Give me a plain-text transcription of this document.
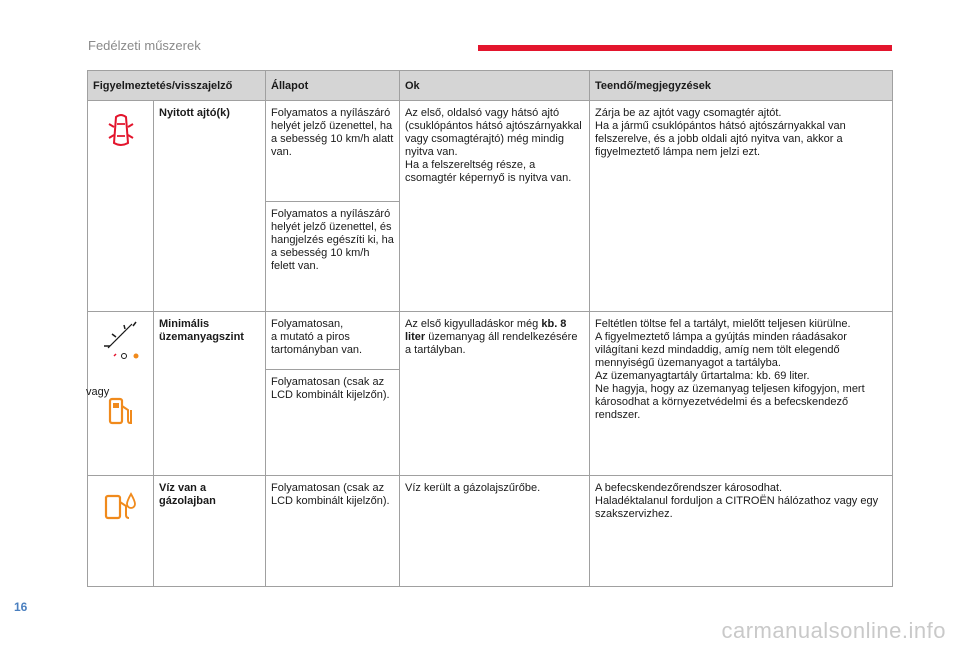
Fedélzeti műszerek
Figyelmeztetés/visszajelző		Állapot	Ok	Teendő/megjegyzések

	Nyitott ajtó(k)	Folyamatos a nyílászáró helyét jelző üzenettel, ha a sebesség 10 km/h alatt van.	Az első, oldalsó vagy hátsó ajtó (csuklópántos hátsó ajtószárnyakkal vagy csomagtérajtó) még mindig nyitva van.
Ha a felszereltség része, a csomagtér képernyő is nyitva van.	Zárja be az ajtót vagy csomagtér ajtót.
Ha a jármű csuklópántos hátsó ajtószárnyakkal van felszerelve, és a jobb oldali ajtó nyitva van, akkor a figyelmeztető lámpa nem jelzi ezt.
		Folyamatos a nyílászáró helyét jelző üzenettel, és hangjelzés egészíti ki, ha a sebesség 10 km/h felett van.		

vagy	Minimális üzemanyagszint	Folyamatosan,
a mutató a piros tartományban van.	Az első kigyulladáskor még kb. 8 liter üzemanyag áll rendelkezésére a tartályban.	Feltétlen töltse fel a tartályt, mielőtt teljesen kiürülne.
A figyelmeztető lámpa a gyújtás minden ráadásakor világítani kezd mindaddig, amíg nem tölt elegendő mennyiségű üzemanyagot a tartályba.
Az üzemanyagtartály űrtartalma: kb. 69 liter.
Ne hagyja, hogy az üzemanyag teljesen kifogyjon, mert károsodhat a környezetvédelmi és a befecskendező rendszer.
		Folyamatosan (csak az LCD kombinált kijelzőn).		

	Víz van a gázolajban	Folyamatosan (csak az LCD kombinált kijelzőn).	Víz került a gázolajszűrőbe.	A befecskendezőrendszer károsodhat.
Haladéktalanul forduljon a CITROËN hálózathoz vagy egy szakszervizhez.
16
carmanualsonline.info
